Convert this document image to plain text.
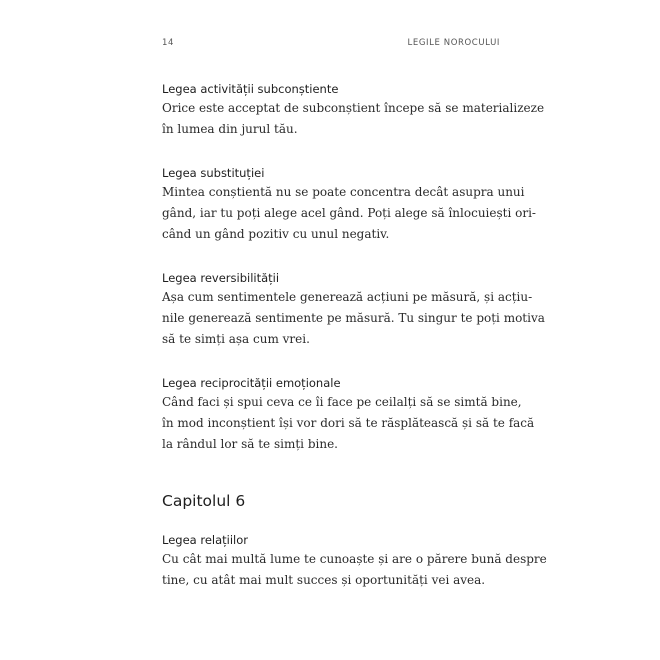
14	LEGILE NOROCULUI
Legea activității subconștiente

Orice este acceptat de subconștient începe să se materializeze
în lumea din jurul tău.

Legea substituției

Mintea conștientă nu se poate concentra decât asupra unui
gând, iar tu poți alege acel gând. Poți alege să înlocuiești ori-
când un gând pozitiv cu unul negativ.

Legea reversibilității

Așa cum sentimentele generează acțiuni pe măsură, și acțiu-
nile generează sentimente pe măsură. Tu singur te poți motiva
să te simți așa cum vrei.

Legea reciprocității emoționale

Când faci și spui ceva ce îi face pe ceilalți să se simtă bine,
în mod inconștient își vor dori să te răsplătească și să te facă
la rândul lor să te simți bine.

Capitolul 6
Legea relațiilor

Cu cât mai multă lume te cunoaște și are o părere bună despre
tine, cu atât mai mult succes și oportunități vei avea.
